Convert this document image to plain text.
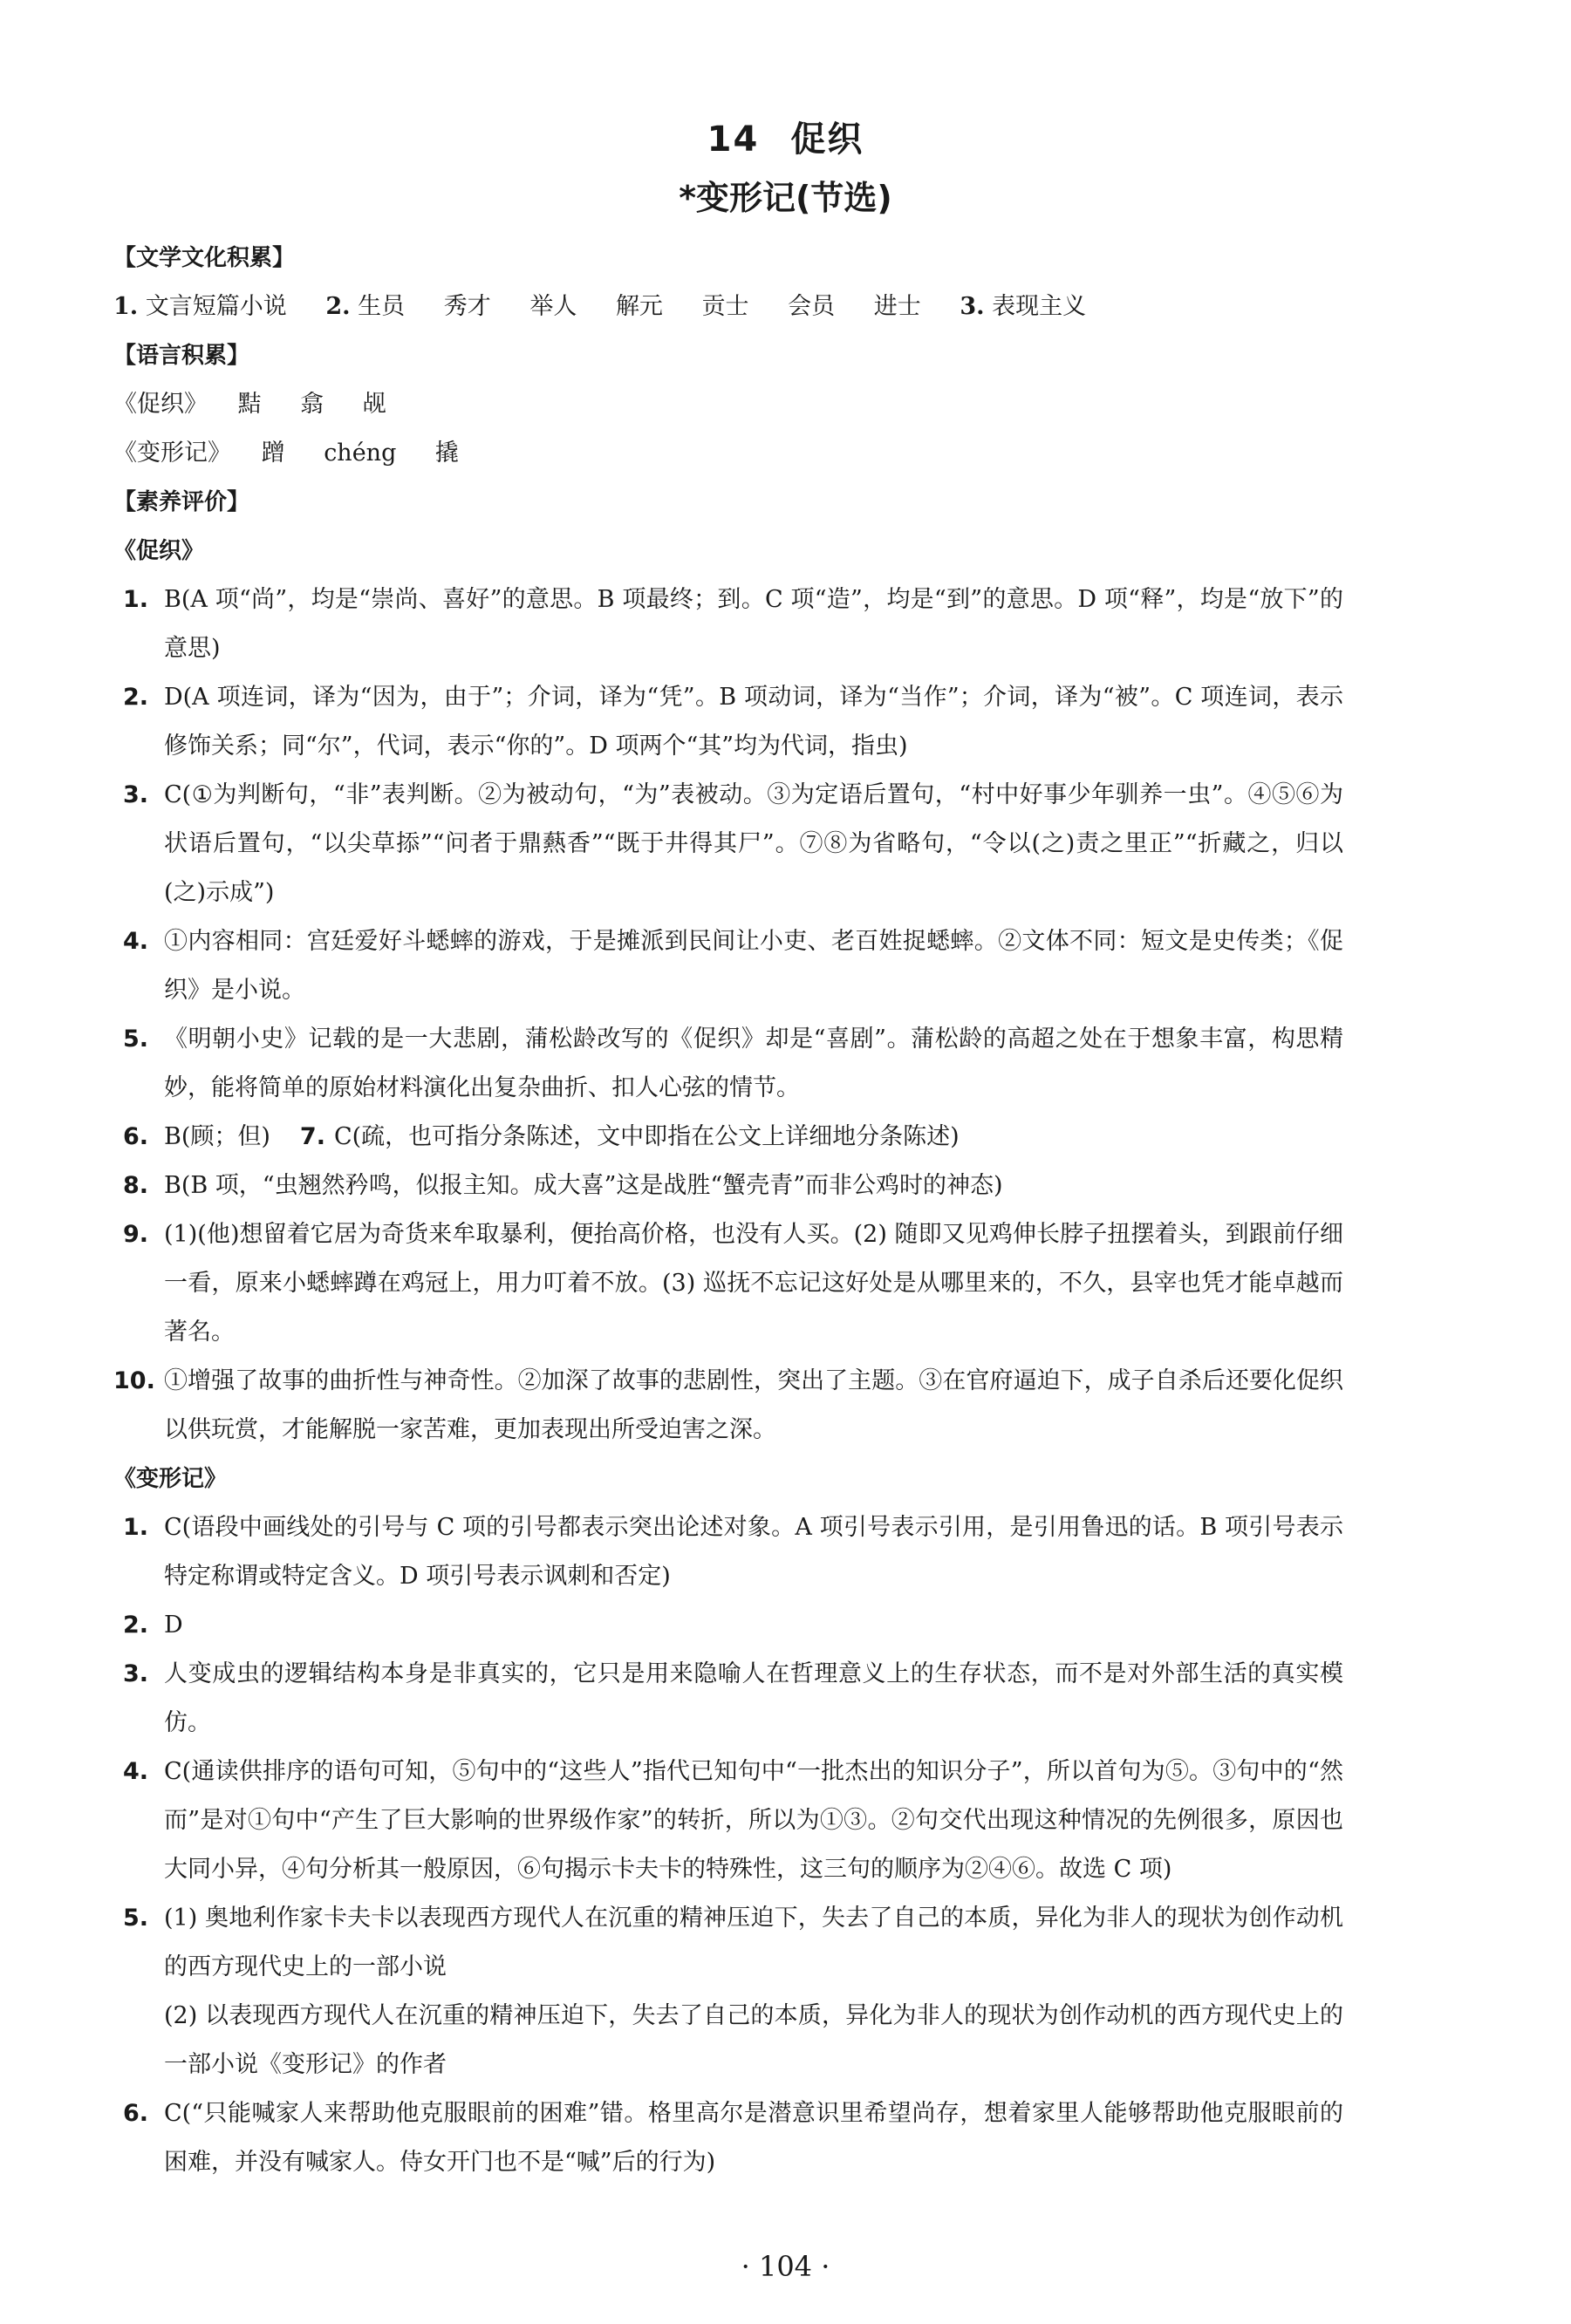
14 促织
*变形记(节选)
【文学文化积累】
1. 文言短篇小说 2. 生员 秀才 举人 解元 贡士 会员 进士 3. 表现主义
【语言积累】
《促织》 黠 翕 觇
《变形记》 蹭 chéng 撬
【素养评价】
《促织》
1 .	B(A 项“尚”，均是“崇尚、喜好”的意思。B 项最终；到。C 项“造”，均是“到”的意思。D 项“释”，均是“放下”的意思)
2 .	D(A 项连词，译为“因为，由于”；介词，译为“凭”。B 项动词，译为“当作”；介词，译为“被”。C 项连词，表示修饰关系；同“尔”，代词，表示“你的”。D 项两个“其”均为代词，指虫)
3 .	C(①为判断句，“非”表判断。②为被动句，“为”表被动。③为定语后置句，“村中好事少年驯养一虫”。④⑤⑥为状语后置句，“以尖草掭”“问者于鼎爇香”“既于井得其尸”。⑦⑧为省略句，“令以(之)责之里正”“折藏之，归以(之)示成”)
4 .	①内容相同：宫廷爱好斗蟋蟀的游戏，于是摊派到民间让小吏、老百姓捉蟋蟀。②文体不同：短文是史传类；《促织》是小说。
5 .	《明朝小史》记载的是一大悲剧，蒲松龄改写的《促织》却是“喜剧”。蒲松龄的高超之处在于想象丰富，构思精妙，能将简单的原始材料演化出复杂曲折、扣人心弦的情节。
6 .	B(顾；但) 7. C(疏，也可指分条陈述，文中即指在公文上详细地分条陈述)
8 .	B(B 项，“虫翘然矜鸣，似报主知。成大喜”这是战胜“蟹壳青”而非公鸡时的神态)
9 .	(1)(他)想留着它居为奇货来牟取暴利，便抬高价格，也没有人买。(2) 随即又见鸡伸长脖子扭摆着头，到跟前仔细一看，原来小蟋蟀蹲在鸡冠上，用力叮着不放。(3) 巡抚不忘记这好处是从哪里来的，不久，县宰也凭才能卓越而著名。
10 . ①增强了故事的曲折性与神奇性。②加深了故事的悲剧性，突出了主题。③在官府逼迫下，成子自杀后还要化促织以供玩赏，才能解脱一家苦难，更加表现出所受迫害之深。
《变形记》
1 .	C(语段中画线处的引号与 C 项的引号都表示突出论述对象。A 项引号表示引用，是引用鲁迅的话。B 项引号表示特定称谓或特定含义。D 项引号表示讽刺和否定)
2 .	D
3 .	人变成虫的逻辑结构本身是非真实的，它只是用来隐喻人在哲理意义上的生存状态，而不是对外部生活的真实模仿。
4 .	C(通读供排序的语句可知，⑤句中的“这些人”指代已知句中“一批杰出的知识分子”，所以首句为⑤。③句中的“然而”是对①句中“产生了巨大影响的世界级作家”的转折，所以为①③。②句交代出现这种情况的先例很多，原因也大同小异，④句分析其一般原因，⑥句揭示卡夫卡的特殊性，这三句的顺序为②④⑥。故选 C 项)
5 .	(1) 奥地利作家卡夫卡以表现西方现代人在沉重的精神压迫下，失去了自己的本质，异化为非人的现状为创作动机的西方现代史上的一部小说
(2) 以表现西方现代人在沉重的精神压迫下，失去了自己的本质，异化为非人的现状为创作动机的西方现代史上的一部小说《变形记》的作者
6 .	C(“只能喊家人来帮助他克服眼前的困难”错。格里高尔是潜意识里希望尚存，想着家里人能够帮助他克服眼前的困难，并没有喊家人。侍女开门也不是“喊”后的行为)
· 104 ·
